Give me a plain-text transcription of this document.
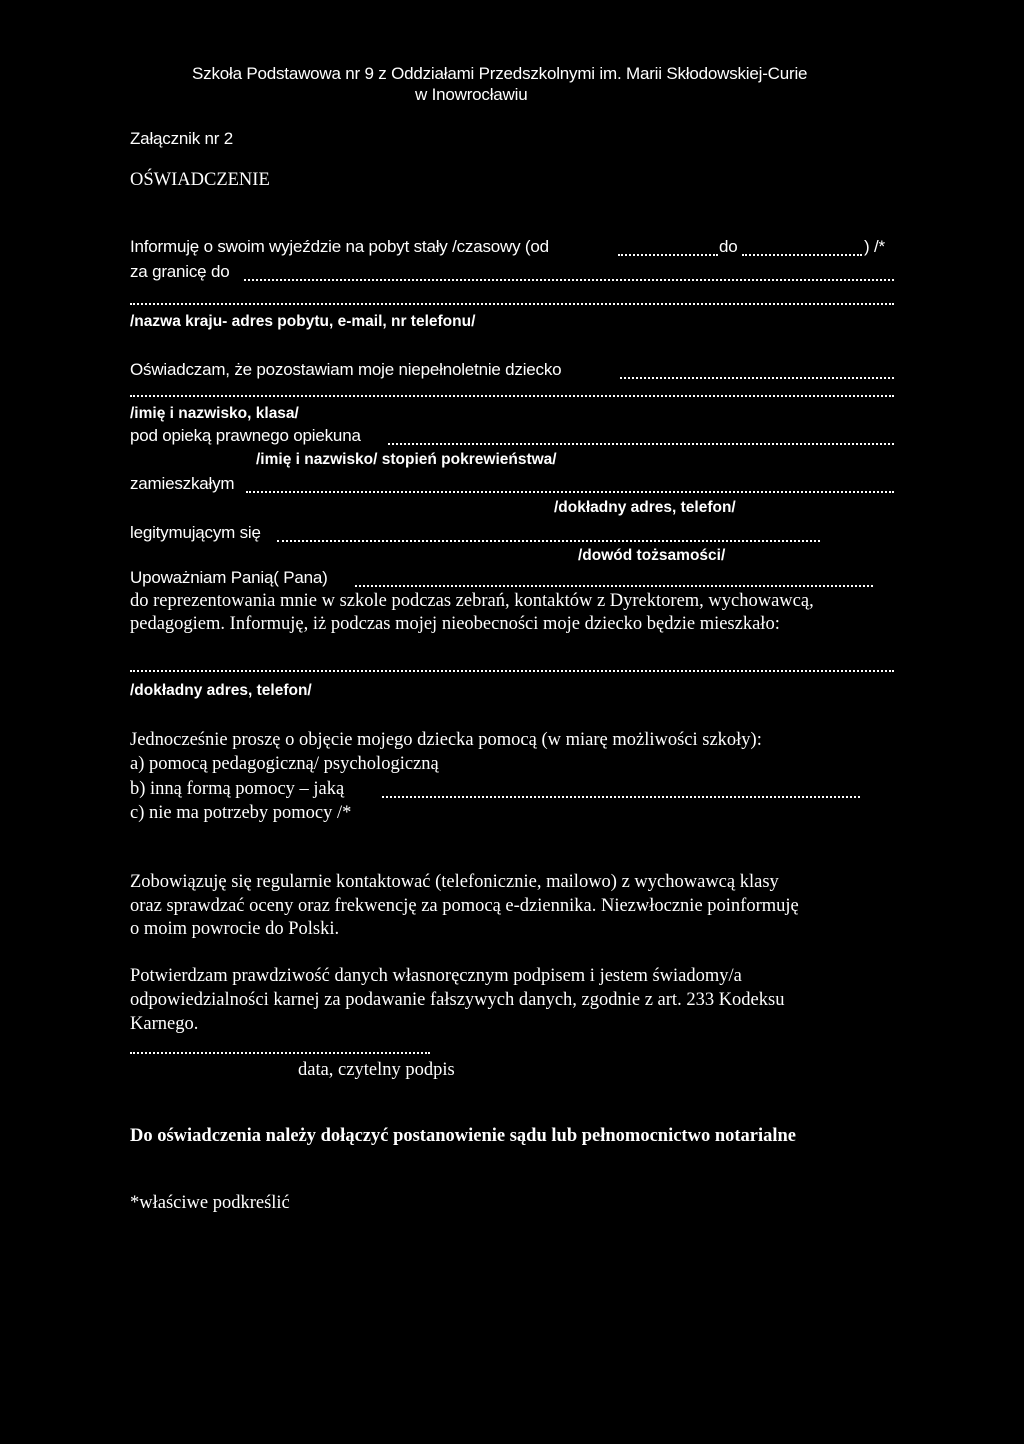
Szkoła Podstawowa nr 9 z Oddziałami Przedszkolnymi im. Marii Skłodowskiej-Curie
w Inowrocławiu
Załącznik nr 2
OŚWIADCZENIE
Informuję o swoim wyjeździe na pobyt stały /czasowy (od	do	) /*
za granicę do
/nazwa kraju- adres pobytu, e-mail, nr telefonu/
Oświadczam, że pozostawiam moje niepełnoletnie dziecko
/imię i nazwisko, klasa/
pod opieką prawnego opiekuna
/imię i nazwisko/ stopień pokrewieństwa/
zamieszkałym
/dokładny adres, telefon/
legitymującym się
/dowód tożsamości/
Upoważniam Panią( Pana)
do reprezentowania mnie w szkole podczas zebrań, kontaktów z Dyrektorem, wychowawcą,
pedagogiem. Informuję, iż podczas mojej nieobecności moje dziecko będzie mieszkało:
/dokładny adres, telefon/
Jednocześnie proszę o objęcie mojego dziecka pomocą (w miarę możliwości szkoły):
a) pomocą pedagogiczną/ psychologiczną
b) inną formą pomocy – jaką
c) nie ma potrzeby pomocy /*
Zobowiązuję się regularnie kontaktować (telefonicznie, mailowo) z wychowawcą klasy
oraz sprawdzać oceny oraz frekwencję za pomocą e-dziennika. Niezwłocznie poinformuję
o moim powrocie do Polski.
Potwierdzam prawdziwość danych własnoręcznym podpisem i jestem świadomy/a
odpowiedzialności karnej za podawanie fałszywych danych, zgodnie z art. 233 Kodeksu
Karnego.
data, czytelny podpis
Do oświadczenia należy dołączyć postanowienie sądu lub pełnomocnictwo notarialne
*właściwe podkreślić
